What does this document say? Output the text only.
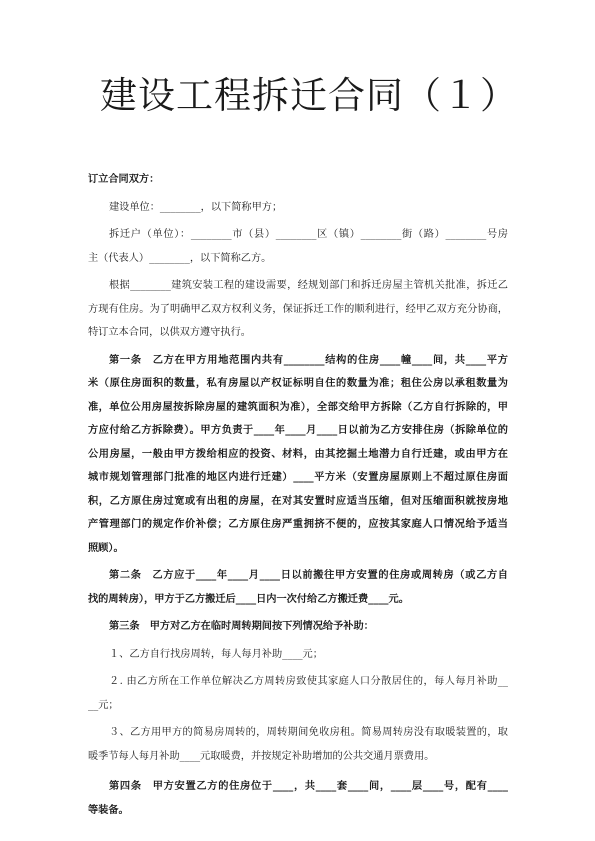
建设工程拆迁合同（１）
订立合同双方：
建设单位：________，以下简称甲方；
拆迁户（单位）：________市（县）________区（镇）________街（路）________号房
主（代表人）________，以下简称乙方。
根据________建筑安装工程的建设需要，经规划部门和拆迁房屋主管机关批准，拆迁乙
方现有住房。为了明确甲乙双方权利义务，保证拆迁工作的顺利进行，经甲乙双方充分协商，
特订立本合同，以供双方遵守执行。
第一条　乙方在甲方用地范围内共有________结构的住房____幢____间，共____平方
米（原住房面积的数量，私有房屋以产权证标明自住的数量为准；租住公房以承租数量为
准，单位公用房屋按拆除房屋的建筑面积为准），全部交给甲方拆除（乙方自行拆除的，甲
方应付给乙方拆除费）。甲方负责于____年____月____日以前为乙方安排住房（拆除单位的
公用房屋，一般由甲方拨给相应的投资、材料，由其挖掘土地潜力自行迁建，或由甲方在
城市规划管理部门批准的地区内进行迁建）____平方米（安置房屋原则上不超过原住房面
积，乙方原住房过宽或有出租的房屋，在对其安置时应适当压缩，但对压缩面积就按房地
产管理部门的规定作价补偿；乙方原住房严重拥挤不便的，应按其家庭人口情况给予适当
照顾）。
第二条　乙方应于____年____月____日以前搬往甲方安置的住房或周转房（或乙方自
找的周转房），甲方于乙方搬迁后____日内一次付给乙方搬迁费____元。
第三条　甲方对乙方在临时周转期间按下列情况给予补助：
１、乙方自行找房周转，每人每月补助____元；
２. 由乙方所在工作单位解决乙方周转房致使其家庭人口分散居住的，每人每月补助__
__元；
３、乙方用甲方的简易房周转的，周转期间免收房租。简易周转房没有取暖装置的，取
暖季节每人每月补助____元取暖费，并按规定补助增加的公共交通月票费用。
第四条　甲方安置乙方的住房位于____，共____套____间，____层____号，配有____
等装备。
